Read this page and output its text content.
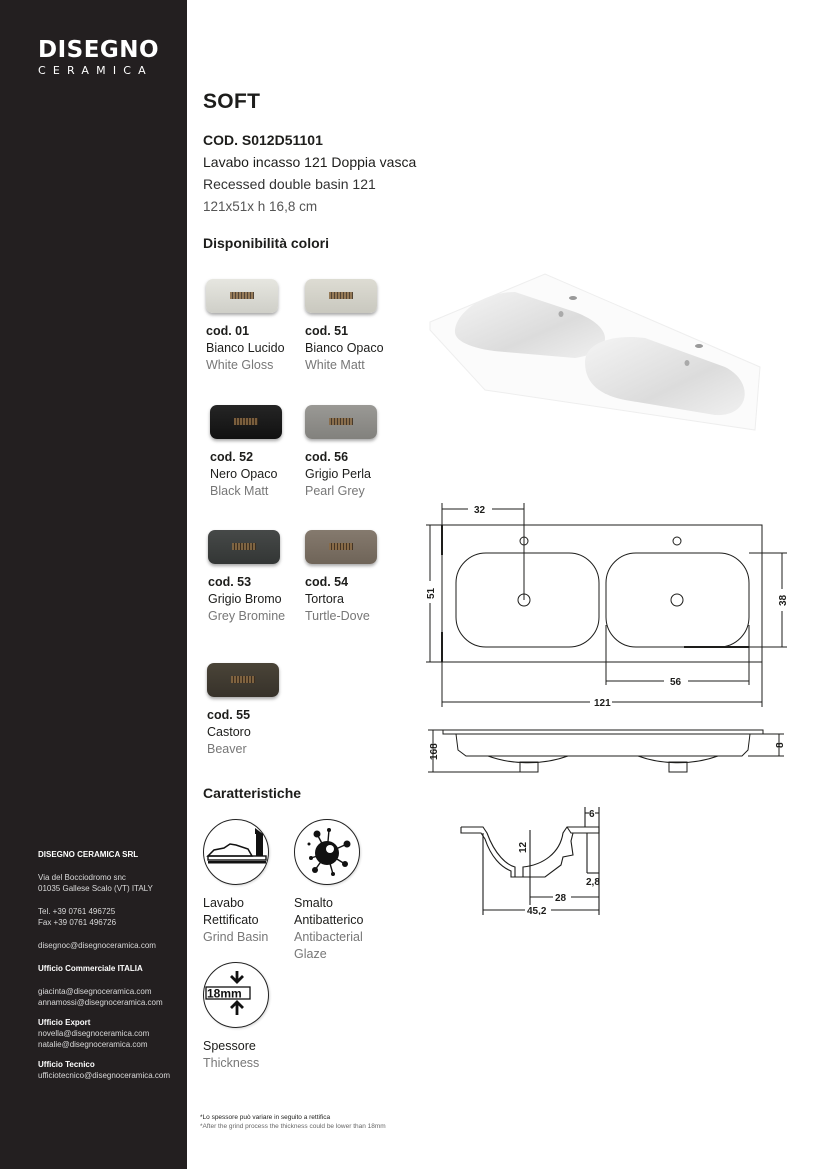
DISEGNO
CERAMICA
DISEGNO CERAMICA SRL
Via del Bocciodromo snc
01035 Gallese Scalo (VT) ITALY
Tel. +39 0761 496725
Fax +39 0761 496726
disegnoc@disegnoceramica.com
Ufficio Commerciale ITALIA
giacinta@disegnoceramica.com
annamossi@disegnoceramica.com
Ufficio Export
novella@disegnoceramica.com
natalie@disegnoceramica.com
Ufficio Tecnico
ufficiotecnico@disegnoceramica.com
SOFT
COD. S012D51101
Lavabo incasso 121 Doppia vasca
Recessed double basin 121
121x51x h 16,8 cm
Disponibilità colori
cod. 01
Bianco Lucido
White Gloss
cod. 51
Bianco Opaco
White Matt
cod. 52
Nero Opaco
Black Matt
cod. 56
Grigio Perla
Pearl Grey
cod. 53
Grigio Bromo
Grey Bromine
cod. 54
Tortora
Turtle-Dove
cod. 55
Castoro
Beaver
Caratteristiche
Lavabo
Rettificato
Grind Basin
Smalto
Antibatterico
Antibacterial
Glaze
18mm
Spessore
Thickness
*Lo spessore può variare in seguito a rettifica
*After the grind process the thickness could be lower than 18mm
32
56
121
51
38
168	8
6
12
2,8
28
45,2
